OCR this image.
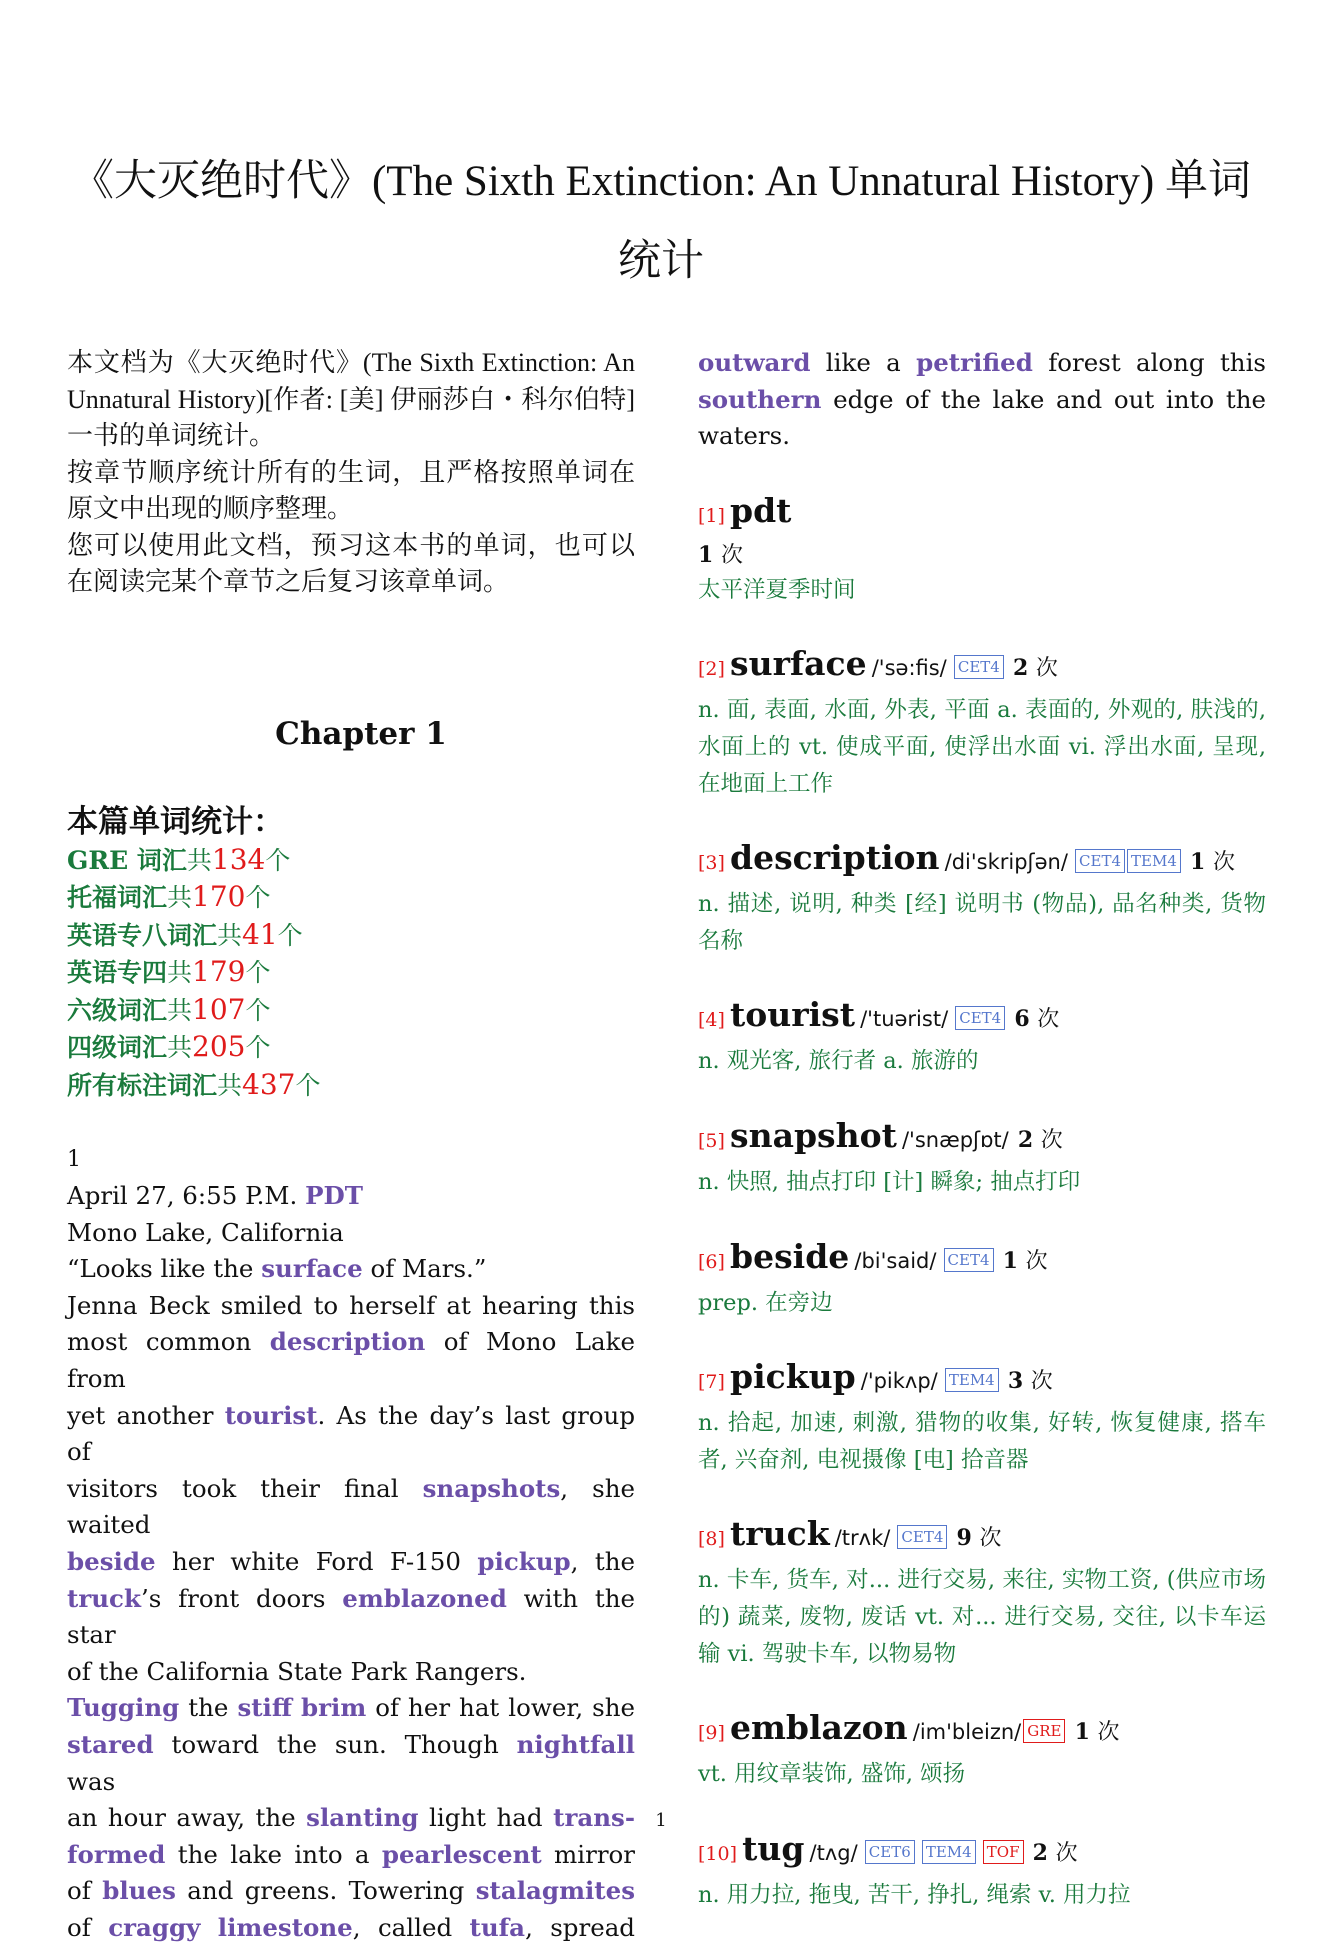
《大灭绝时代》(The Sixth Extinction: An Unnatural History) 单词
统计

本文档为《大灭绝时代》(The Sixth Extinction: An Unnatural History)[作者: [美] 伊丽莎白・科尔伯特] 一书的单词统计。

按章节顺序统计所有的生词，且严格按照单词在原文中出现的顺序整理。

您可以使用此文档，预习这本书的单词，也可以在阅读完某个章节之后复习该章单词。

Chapter 1
本篇单词统计：
GRE 词汇共134个
托福词汇共170个
英语专八词汇共41个
英语专四共179个
六级词汇共107个
四级词汇共205个
所有标注词汇共437个
1
April 27, 6:55 P.M. PDT
Mono Lake, California
“Looks like the surface of Mars.”
Jenna Beck smiled to herself at hearing this
most common description of Mono Lake from
yet another tourist. As the day’s last group of
visitors took their final snapshots, she waited
beside her white Ford F-150 pickup, the
truck’s front doors emblazoned with the star
of the California State Park Rangers.
Tugging the stiff brim of her hat lower, she
stared toward the sun. Though nightfall was
an hour away, the slanting light had trans-
formed the lake into a pearlescent mirror
of blues and greens. Towering stalagmites
of craggy limestone, called tufa, spread
outward like a petrified forest along this
southern edge of the lake and out into the
waters.
[1] pdt
1 次
太平洋夏季时间
[2] surface /'sə:fis/ CET4 2 次
n. 面, 表面, 水面, 外表, 平面 a. 表面的, 外观的, 肤浅的, 水面上的 vt. 使成平面, 使浮出水面 vi. 浮出水面, 呈现, 在地面上工作
[3] description /di'skripʃən/ CET4 TEM4 1 次
n. 描述, 说明, 种类 [经] 说明书 (物品), 品名种类, 货物名称
[4] tourist /'tuərist/ CET4 6 次
n. 观光客, 旅行者 a. 旅游的
[5] snapshot /'snæpʃɒt/ 2 次
n. 快照, 抽点打印 [计] 瞬象; 抽点打印
[6] beside /bi'said/ CET4 1 次
prep. 在旁边
[7] pickup /'pikʌp/ TEM4 3 次
n. 拾起, 加速, 刺激, 猎物的收集, 好转, 恢复健康, 搭车者, 兴奋剂, 电视摄像 [电] 拾音器
[8] truck /trʌk/ CET4 9 次
n. 卡车, 货车, 对... 进行交易, 来往, 实物工资, (供应市场的) 蔬菜, 废物, 废话 vt. 对... 进行交易, 交往, 以卡车运输 vi. 驾驶卡车, 以物易物
[9] emblazon /im'bleizn/ GRE 1 次
vt. 用纹章装饰, 盛饰, 颂扬
[10] tug /tʌg/ CET6 TEM4 TOF 2 次
n. 用力拉, 拖曳, 苦干, 挣扎, 绳索 v. 用力拉
1
